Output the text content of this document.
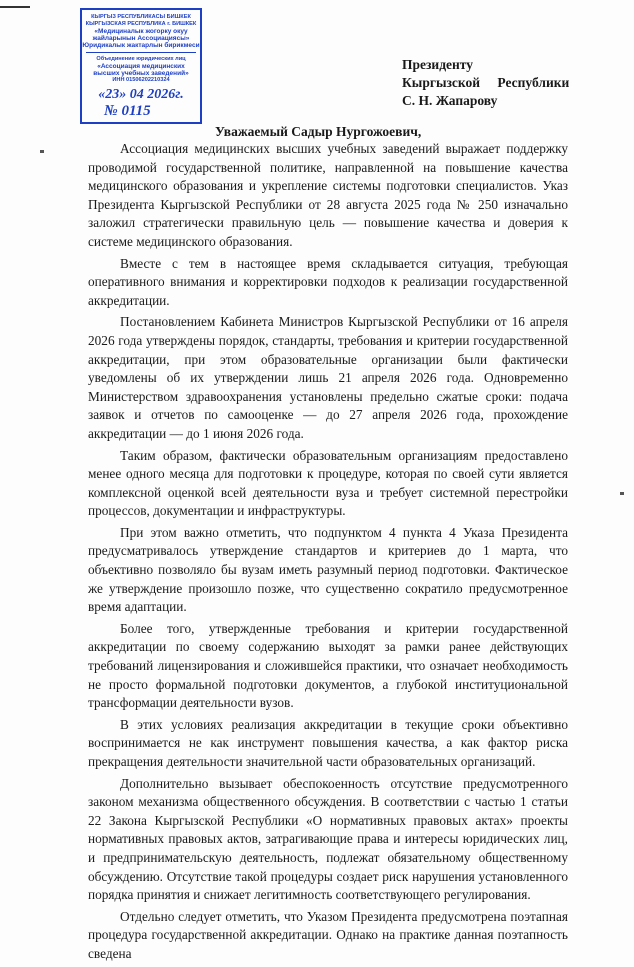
КЫРГЫЗ РЕСПУБЛИКАСЫ БИШКЕК
КЫРГЫЗСКАЯ РЕСПУБЛИКА г. БИШКЕК
«Медициналык жогорку окуу
жайларынын Ассоциациясы»
Юридикалык жактарлын бирикмеси
Объединение юридических лиц
«Ассоциация медицинских
высших учебных заведений»
ИНН 01506202210324
«23» 04 2026г.
№ 0115
Президенту
Кыргызской Республики
С. Н. Жапарову
Уважаемый Садыр Нургожоевич,

Ассоциация медицинских высших учебных заведений выражает поддержку проводимой государственной политике, направленной на повышение качества медицинского образования и укрепление системы подготовки специалистов. Указ Президента Кыргызской Республики от 28 августа 2025 года № 250 изначально заложил стратегически правильную цель — повышение качества и доверия к системе медицинского образования.

Вместе с тем в настоящее время складывается ситуация, требующая оперативного внимания и корректировки подходов к реализации государственной аккредитации.

Постановлением Кабинета Министров Кыргызской Республики от 16 апреля 2026 года утверждены порядок, стандарты, требования и критерии государственной аккредитации, при этом образовательные организации были фактически уведомлены об их утверждении лишь 21 апреля 2026 года. Одновременно Министерством здравоохранения установлены предельно сжатые сроки: подача заявок и отчетов по самооценке — до 27 апреля 2026 года, прохождение аккредитации — до 1 июня 2026 года.

Таким образом, фактически образовательным организациям предоставлено менее одного месяца для подготовки к процедуре, которая по своей сути является комплексной оценкой всей деятельности вуза и требует системной перестройки процессов, документации и инфраструктуры.

При этом важно отметить, что подпунктом 4 пункта 4 Указа Президента предусматривалось утверждение стандартов и критериев до 1 марта, что объективно позволяло бы вузам иметь разумный период подготовки. Фактическое же утверждение произошло позже, что существенно сократило предусмотренное время адаптации.

Более того, утвержденные требования и критерии государственной аккредитации по своему содержанию выходят за рамки ранее действующих требований лицензирования и сложившейся практики, что означает необходимость не просто формальной подготовки документов, а глубокой институциональной трансформации деятельности вузов.

В этих условиях реализация аккредитации в текущие сроки объективно воспринимается не как инструмент повышения качества, а как фактор риска прекращения деятельности значительной части образовательных организаций.

Дополнительно вызывает обеспокоенность отсутствие предусмотренного законом механизма общественного обсуждения. В соответствии с частью 1 статьи 22 Закона Кыргызской Республики «О нормативных правовых актах» проекты нормативных правовых актов, затрагивающие права и интересы юридических лиц, и предпринимательскую деятельность, подлежат обязательному общественному обсуждению. Отсутствие такой процедуры создает риск нарушения установленного порядка принятия и снижает легитимность соответствующего регулирования.

Отдельно следует отметить, что Указом Президента предусмотрена поэтапная процедура государственной аккредитации. Однако на практике данная поэтапность сведена
